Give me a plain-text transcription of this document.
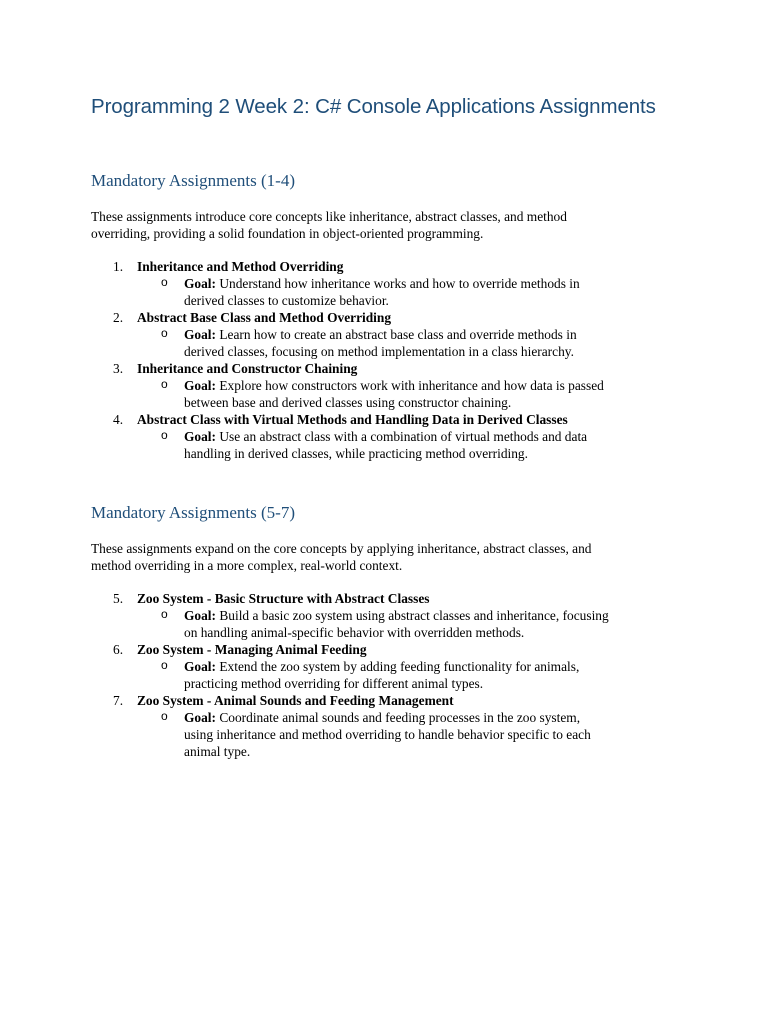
Programming 2 Week 2: C# Console Applications Assignments
Mandatory Assignments (1-4)

These assignments introduce core concepts like inheritance, abstract classes, and method
overriding, providing a solid foundation in object-oriented programming.

1. Inheritance and Method Overriding
o Goal: Understand how inheritance works and how to override methods in
derived classes to customize behavior.
2. Abstract Base Class and Method Overriding
o Goal: Learn how to create an abstract base class and override methods in
derived classes, focusing on method implementation in a class hierarchy.
3. Inheritance and Constructor Chaining
o Goal: Explore how constructors work with inheritance and how data is passed
between base and derived classes using constructor chaining.
4. Abstract Class with Virtual Methods and Handling Data in Derived Classes
o Goal: Use an abstract class with a combination of virtual methods and data
handling in derived classes, while practicing method overriding.
Mandatory Assignments (5-7)

These assignments expand on the core concepts by applying inheritance, abstract classes, and
method overriding in a more complex, real-world context.

5. Zoo System - Basic Structure with Abstract Classes
o Goal: Build a basic zoo system using abstract classes and inheritance, focusing
on handling animal-specific behavior with overridden methods.
6. Zoo System - Managing Animal Feeding
o Goal: Extend the zoo system by adding feeding functionality for animals,
practicing method overriding for different animal types.
7. Zoo System - Animal Sounds and Feeding Management
o Goal: Coordinate animal sounds and feeding processes in the zoo system,
using inheritance and method overriding to handle behavior specific to each
animal type.
